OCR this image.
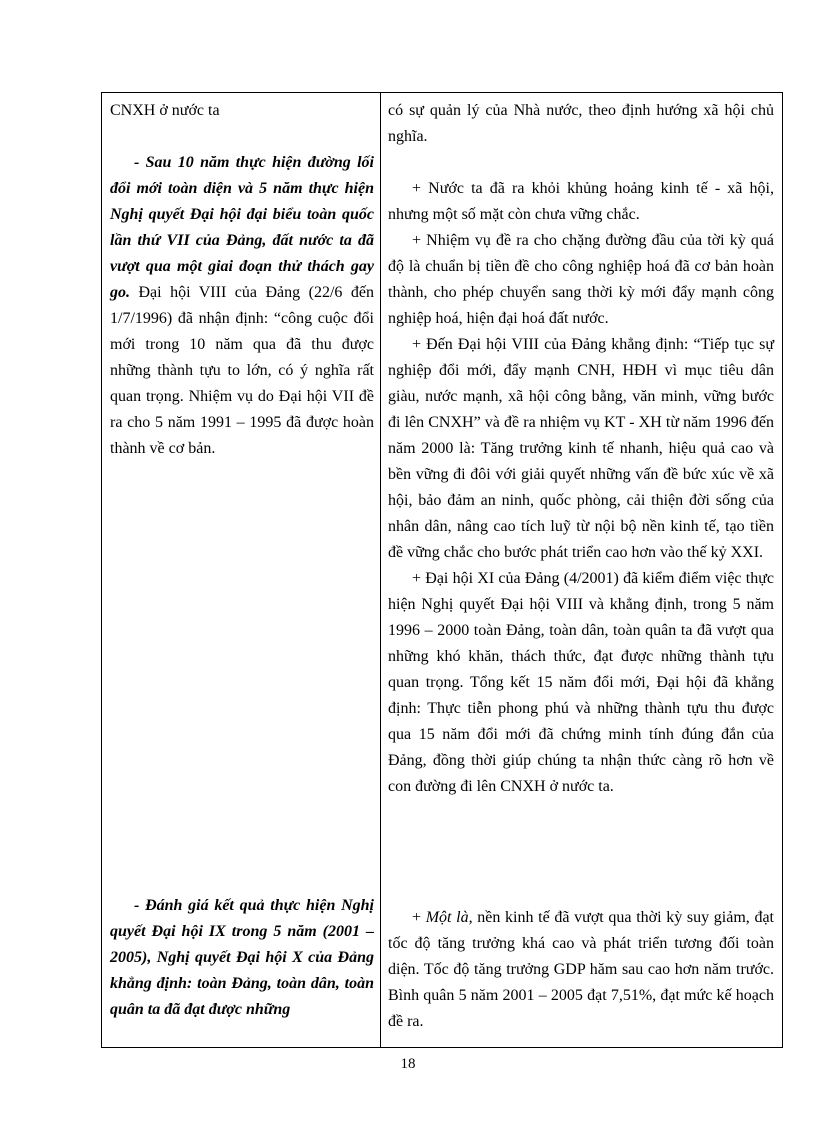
CNXH ở nước ta

- Sau 10 năm thực hiện đường lối đổi mới toàn diện và 5 năm thực hiện Nghị quyết Đại hội đại biểu toàn quốc lần thứ VII của Đảng, đất nước ta đã vượt qua một giai đoạn thử thách gay go. Đại hội VIII của Đảng (22/6 đến 1/7/1996) đã nhận định: “công cuộc đổi mới trong 10 năm qua đã thu được những thành tựu to lớn, có ý nghĩa rất quan trọng. Nhiệm vụ do Đại hội VII đề ra cho 5 năm 1991 – 1995 đã được hoàn thành về cơ bản.

- Đánh giá kết quả thực hiện Nghị quyết Đại hội IX trong 5 năm (2001 – 2005), Nghị quyết Đại hội X của Đảng khẳng định: toàn Đảng, toàn dân, toàn quân ta đã đạt được những

có sự quản lý của Nhà nước, theo định hướng xã hội chủ nghĩa.

+ Nước ta đã ra khỏi khủng hoảng kinh tế - xã hội, nhưng một số mặt còn chưa vững chắc.

+ Nhiệm vụ đề ra cho chặng đường đầu của tời kỳ quá độ là chuẩn bị tiền đề cho công nghiệp hoá đã cơ bản hoàn thành, cho phép chuyển sang thời kỳ mới đẩy mạnh công nghiệp hoá, hiện đại hoá đất nước.

+ Đến Đại hội VIII của Đảng khẳng định: “Tiếp tục sự nghiệp đổi mới, đẩy mạnh CNH, HĐH vì mục tiêu dân giàu, nước mạnh, xã hội công bằng, văn minh, vững bước đi lên CNXH” và đề ra nhiệm vụ KT - XH từ năm 1996 đến năm 2000 là: Tăng trưởng kinh tế nhanh, hiệu quả cao và bền vững đi đôi với giải quyết những vấn đề bức xúc về xã hội, bảo đảm an ninh, quốc phòng, cải thiện đời sống của nhân dân, nâng cao tích luỹ từ nội bộ nền kinh tế, tạo tiền đề vững chắc cho bước phát triển cao hơn vào thế kỷ XXI.

+ Đại hội XI của Đảng (4/2001) đã kiểm điểm việc thực hiện Nghị quyết Đại hội VIII và khẳng định, trong 5 năm 1996 – 2000 toàn Đảng, toàn dân, toàn quân ta đã vượt qua những khó khăn, thách thức, đạt được những thành tựu quan trọng. Tổng kết 15 năm đổi mới, Đại hội đã khẳng định: Thực tiễn phong phú và những thành tựu thu được qua 15 năm đổi mới đã chứng minh tính đúng đắn của Đảng, đồng thời giúp chúng ta nhận thức càng rõ hơn về con đường đi lên CNXH ở nước ta.

+ Một là, nền kinh tế đã vượt qua thời kỳ suy giảm, đạt tốc độ tăng trưởng khá cao và phát triển tương đối toàn diện. Tốc độ tăng trưởng GDP hăm sau cao hơn năm trước. Bình quân 5 năm 2001 – 2005 đạt 7,51%, đạt mức kế hoạch đề ra.

18
